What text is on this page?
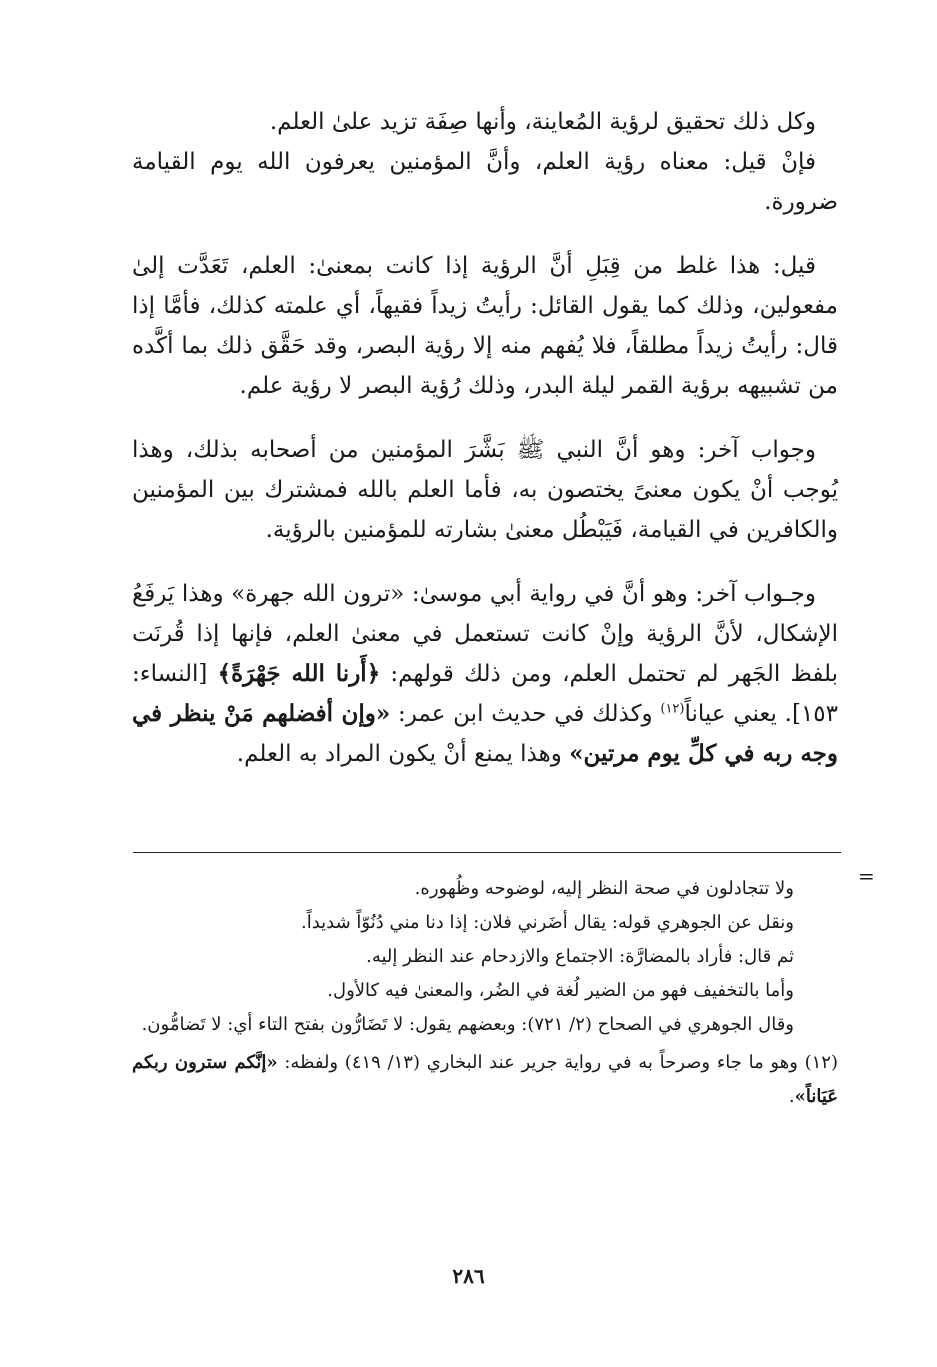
وكل ذلك تحقيق لرؤية المُعاينة، وأنها صِفَة تزيد علىٰ العلم.

فإنْ قيل: معناه رؤية العلم، وأنَّ المؤمنين يعرفون الله يوم القيامة ضرورة.

قيل: هذا غلط من قِبَلِ أنَّ الرؤية إذا كانت بمعنىٰ: العلم، تَعَدَّت إلىٰ مفعولين، وذلك كما يقول القائل: رأيتُ زيداً فقيهاً، أي علمته كذلك، فأمَّا إذا قال: رأيتُ زيداً مطلقاً، فلا يُفهم منه إلا رؤية البصر، وقد حَقَّق ذلك بما أكَّده من تشبيهه برؤية القمر ليلة البدر، وذلك رُؤية البصر لا رؤية علم.

وجواب آخر: وهو أنَّ النبي ﷺ بَشَّرَ المؤمنين من أصحابه بذلك، وهذا يُوجب أنْ يكون معنىً يختصون به، فأما العلم بالله فمشترك بين المؤمنين والكافرين في القيامة، فَيَبْطُل معنىٰ بشارته للمؤمنين بالرؤية.

وجـواب آخر: وهو أنَّ في رواية أبي موسىٰ: «ترون الله جهرة» وهذا يَرفَعُ الإشكال، لأنَّ الرؤية وإنْ كانت تستعمل في معنىٰ العلم، فإنها إذا قُرنَت بلفظ الجَهر لم تحتمل العلم، ومن ذلك قولهم: ﴿أَرنا الله جَهْرَةً﴾ [النساء: ١٥٣]. يعني عياناً$^{(١٢)}$ وكذلك في حديث ابن عمر: «وإن أفضلهم مَنْ ينظر في وجه ربه في كلِّ يوم مرتين» وهذا يمنع أنْ يكون المراد به العلم.

=

ولا تتجادلون في صحة النظر إليه، لوضوحه وظُهوره.

ونقل عن الجوهري قوله: يقال أضَرني فلان: إذا دنا مني دُنُوّاً شديداً.

ثم قال: فأراد بالمضارَّة: الاجتماع والازدحام عند النظر إليه.

وأما بالتخفيف فهو من الضير لُغة في الضُر، والمعنىٰ فيه كالأول.

وقال الجوهري في الصحاح (٢/ ٧٢١): وبعضهم يقول: لا تَضَارُّون بفتح التاء أي: لا تَضامُّون.

(١٢) وهو ما جاء وصرحاً به في رواية جرير عند البخاري (١٣/ ٤١٩) ولفظه: «إنَّكم سترون ربكم عَيَاناً».

٢٨٦
